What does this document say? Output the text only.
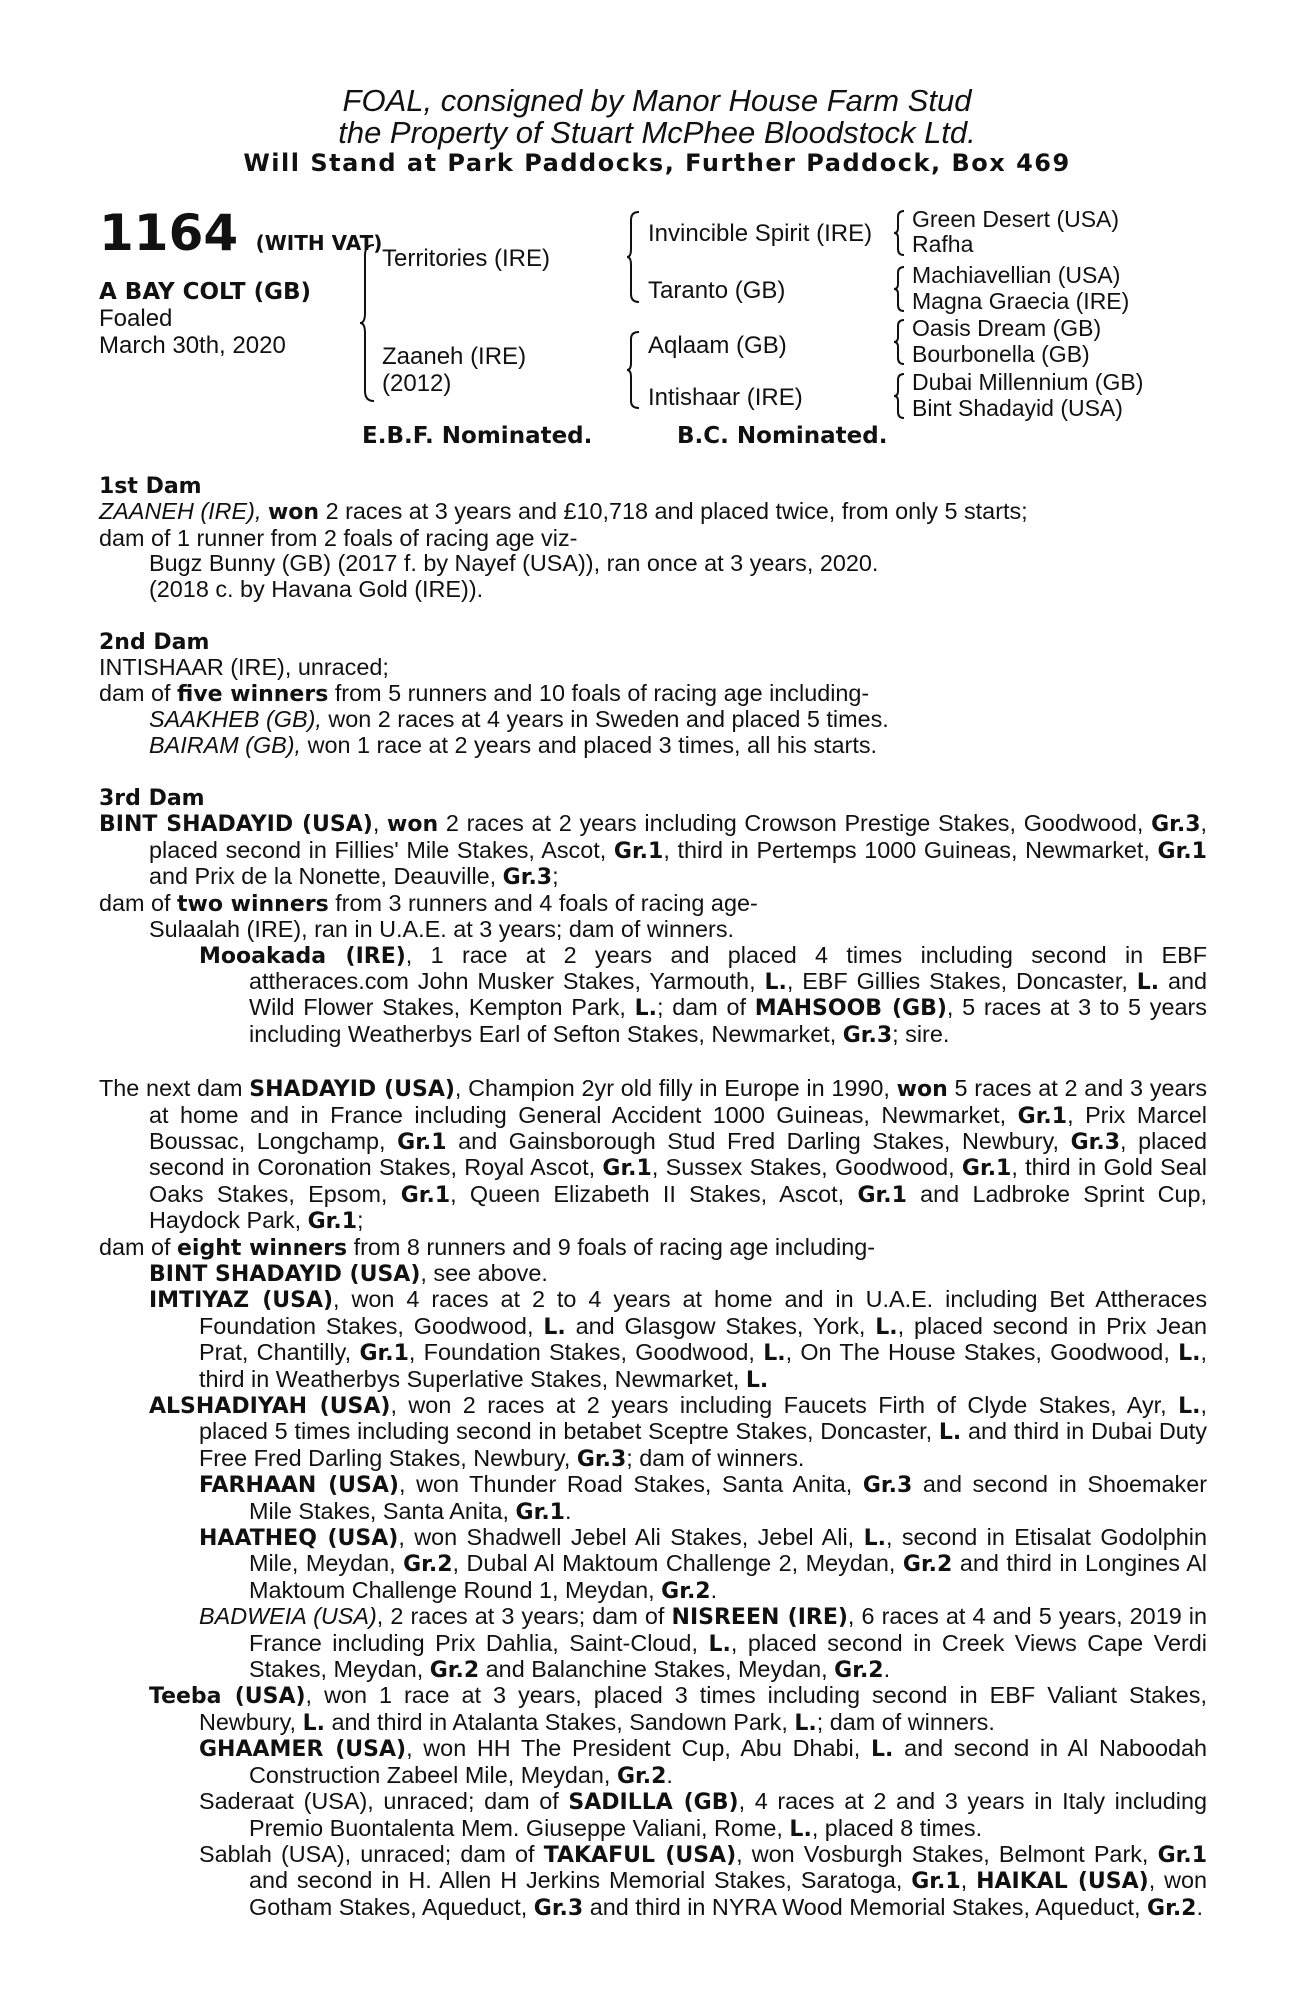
FOAL, consigned by Manor House Farm Stud
the Property of Stuart McPhee Bloodstock Ltd.
Will Stand at Park Paddocks, Further Paddock, Box 469
1164 (WITH VAT)
A BAY COLT (GB)
Foaled
March 30th, 2020
Territories (IRE)
Zaaneh (IRE)
(2012)
Invincible Spirit (IRE)
Taranto (GB)
Aqlaam (GB)
Intishaar (IRE)
Green Desert (USA)
Rafha
Machiavellian (USA)
Magna Graecia (IRE)
Oasis Dream (GB)
Bourbonella (GB)
Dubai Millennium (GB)
Bint Shadayid (USA)
E.B.F. Nominated.	B.C. Nominated.

1st Dam

ZAANEH (IRE), won 2 races at 3 years and £10,718 and placed twice, from only 5 starts;

dam of 1 runner from 2 foals of racing age viz-

Bugz Bunny (GB) (2017 f. by Nayef (USA)), ran once at 3 years, 2020.

(2018 c. by Havana Gold (IRE)).

2nd Dam

INTISHAAR (IRE), unraced;

dam of five winners from 5 runners and 10 foals of racing age including-

SAAKHEB (GB), won 2 races at 4 years in Sweden and placed 5 times.

BAIRAM (GB), won 1 race at 2 years and placed 3 times, all his starts.

3rd Dam

BINT SHADAYID (USA), won 2 races at 2 years including Crowson Prestige Stakes, Goodwood, Gr.3, placed second in Fillies' Mile Stakes, Ascot, Gr.1, third in Pertemps 1000 Guineas, Newmarket, Gr.1 and Prix de la Nonette, Deauville, Gr.3;

dam of two winners from 3 runners and 4 foals of racing age-

Sulaalah (IRE), ran in U.A.E. at 3 years; dam of winners.

Mooakada (IRE), 1 race at 2 years and placed 4 times including second in EBF attheraces.com John Musker Stakes, Yarmouth, L., EBF Gillies Stakes, Doncaster, L. and Wild Flower Stakes, Kempton Park, L.; dam of MAHSOOB (GB), 5 races at 3 to 5 years including Weatherbys Earl of Sefton Stakes, Newmarket, Gr.3; sire.

The next dam SHADAYID (USA), Champion 2yr old filly in Europe in 1990, won 5 races at 2 and 3 years at home and in France including General Accident 1000 Guineas, Newmarket, Gr.1, Prix Marcel Boussac, Longchamp, Gr.1 and Gainsborough Stud Fred Darling Stakes, Newbury, Gr.3, placed second in Coronation Stakes, Royal Ascot, Gr.1, Sussex Stakes, Goodwood, Gr.1, third in Gold Seal Oaks Stakes, Epsom, Gr.1, Queen Elizabeth II Stakes, Ascot, Gr.1 and Ladbroke Sprint Cup, Haydock Park, Gr.1;

dam of eight winners from 8 runners and 9 foals of racing age including-

BINT SHADAYID (USA), see above.

IMTIYAZ (USA), won 4 races at 2 to 4 years at home and in U.A.E. including Bet Attheraces Foundation Stakes, Goodwood, L. and Glasgow Stakes, York, L., placed second in Prix Jean Prat, Chantilly, Gr.1, Foundation Stakes, Goodwood, L., On The House Stakes, Goodwood, L., third in Weatherbys Superlative Stakes, Newmarket, L.

ALSHADIYAH (USA), won 2 races at 2 years including Faucets Firth of Clyde Stakes, Ayr, L., placed 5 times including second in betabet Sceptre Stakes, Doncaster, L. and third in Dubai Duty Free Fred Darling Stakes, Newbury, Gr.3; dam of winners.

FARHAAN (USA), won Thunder Road Stakes, Santa Anita, Gr.3 and second in Shoemaker Mile Stakes, Santa Anita, Gr.1.

HAATHEQ (USA), won Shadwell Jebel Ali Stakes, Jebel Ali, L., second in Etisalat Godolphin Mile, Meydan, Gr.2, Dubal Al Maktoum Challenge 2, Meydan, Gr.2 and third in Longines Al Maktoum Challenge Round 1, Meydan, Gr.2.

BADWEIA (USA), 2 races at 3 years; dam of NISREEN (IRE), 6 races at 4 and 5 years, 2019 in France including Prix Dahlia, Saint-Cloud, L., placed second in Creek Views Cape Verdi Stakes, Meydan, Gr.2 and Balanchine Stakes, Meydan, Gr.2.

Teeba (USA), won 1 race at 3 years, placed 3 times including second in EBF Valiant Stakes, Newbury, L. and third in Atalanta Stakes, Sandown Park, L.; dam of winners.

GHAAMER (USA), won HH The President Cup, Abu Dhabi, L. and second in Al Naboodah Construction Zabeel Mile, Meydan, Gr.2.

Saderaat (USA), unraced; dam of SADILLA (GB), 4 races at 2 and 3 years in Italy including Premio Buontalenta Mem. Giuseppe Valiani, Rome, L., placed 8 times.

Sablah (USA), unraced; dam of TAKAFUL (USA), won Vosburgh Stakes, Belmont Park, Gr.1 and second in H. Allen H Jerkins Memorial Stakes, Saratoga, Gr.1, HAIKAL (USA), won Gotham Stakes, Aqueduct, Gr.3 and third in NYRA Wood Memorial Stakes, Aqueduct, Gr.2.
